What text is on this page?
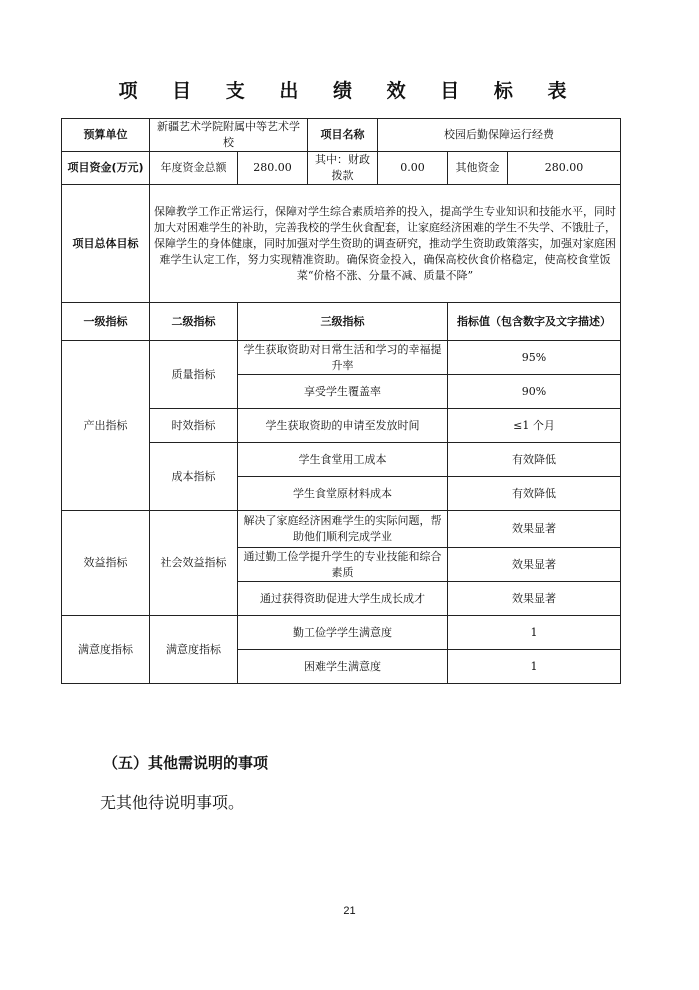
项 目 支 出 绩 效 目 标 表
预算单位	新疆艺术学院附属中等艺术学校		项目名称	校园后勤保障运行经费		
项目资金(万元)	年度资金总额	280.00	其中：财政拨款	0.00	其他资金	280.00
项目总体目标	保障教学工作正常运行，保障对学生综合素质培养的投入，提高学生专业知识和技能水平，同时加大对困难学生的补助，完善我校的学生伙食配套，让家庭经济困难的学生不失学、不饿肚子，保障学生的身体健康，同时加强对学生资助的调查研究，推动学生资助政策落实，加强对家庭困难学生认定工作，努力实现精准资助。确保资金投入，确保高校伙食价格稳定，使高校食堂饭菜“价格不涨、分量不减、质量不降”					
一级指标	二级指标	三级指标			指标值（包含数字及文字描述）	
产出指标	质量指标	学生获取资助对日常生活和学习的幸福提升率			95%	
		享受学生覆盖率			90%	
	时效指标	学生获取资助的申请至发放时间			≤1 个月	
	成本指标	学生食堂用工成本			有效降低	
		学生食堂原材料成本			有效降低	
效益指标	社会效益指标	解决了家庭经济困难学生的实际问题，帮助他们顺利完成学业			效果显著	
		通过勤工俭学提升学生的专业技能和综合素质			效果显著	
		通过获得资助促进大学生成长成才			效果显著	
满意度指标	满意度指标	勤工俭学学生满意度			1	
		困难学生满意度			1	
（五）其他需说明的事项
无其他待说明事项。
21
